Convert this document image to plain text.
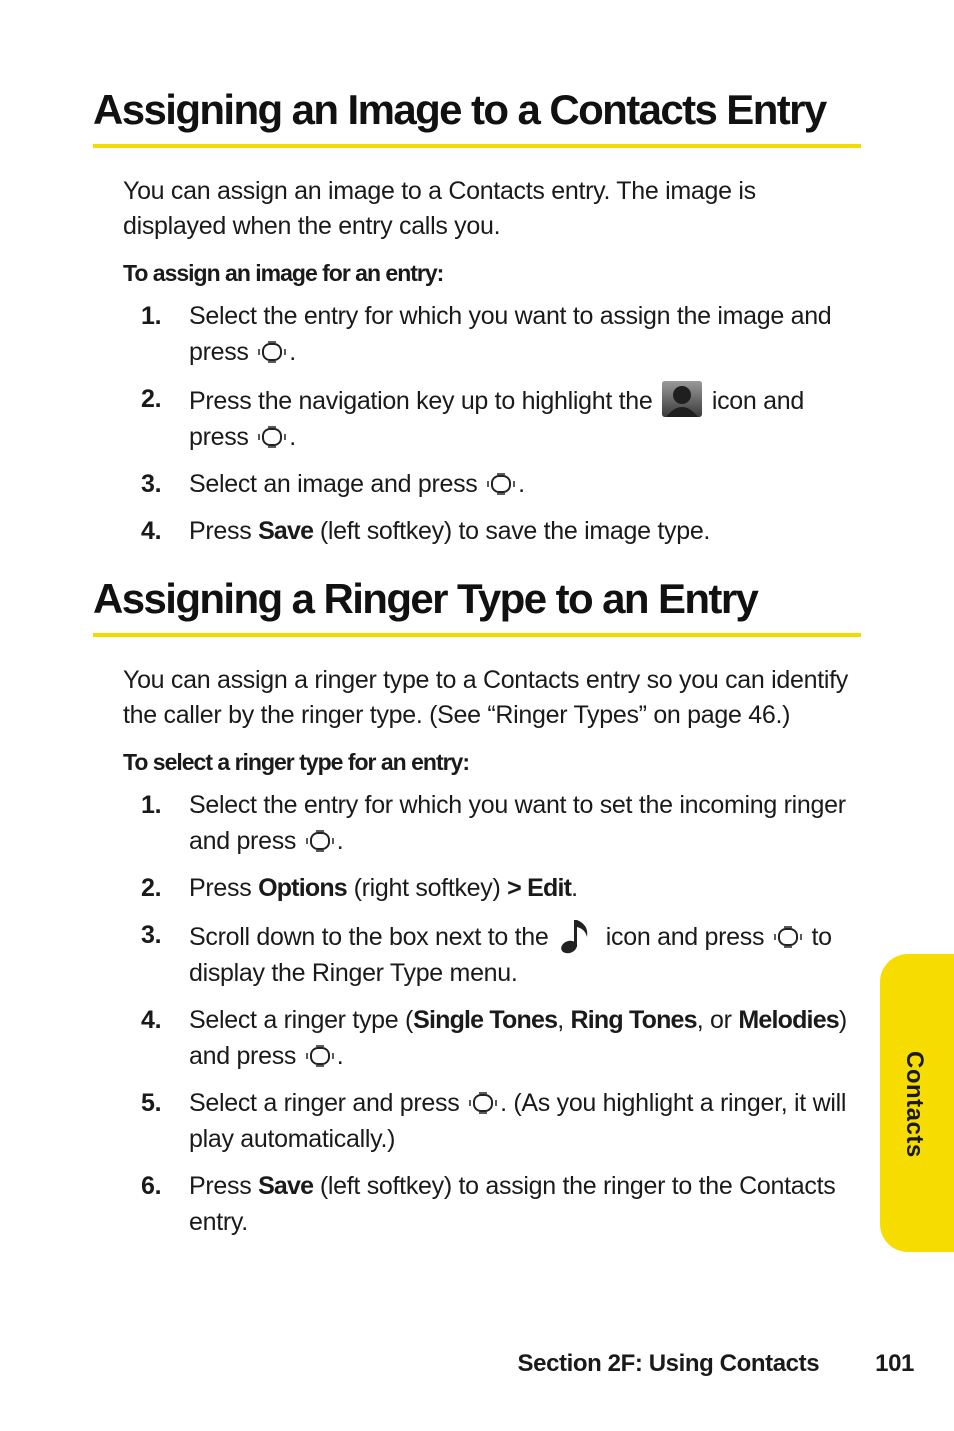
Assigning an Image to a Contacts Entry

You can assign an image to a Contacts entry. The image is displayed when the entry calls you.

To assign an image for an entry:

1. Select the entry for which you want to assign the image and press .
2. Press the navigation key up to highlight the icon and press .
3. Select an image and press .
4. Press Save (left softkey) to save the image type.
Assigning a Ringer Type to an Entry

You can assign a ringer type to a Contacts entry so you can identify the caller by the ringer type. (See “Ringer Types” on page 46.)

To select a ringer type for an entry:

1. Select the entry for which you want to set the incoming ringer and press .
2. Press Options (right softkey) > Edit.
3. Scroll down to the box next to the icon and press to display the Ringer Type menu.
4. Select a ringer type (Single Tones, Ring Tones, or Melodies) and press .
5. Select a ringer and press . (As you highlight a ringer, it will play automatically.)
6. Press Save (left softkey) to assign the ringer to the Contacts entry.
Contacts
Section 2F: Using Contacts 101
